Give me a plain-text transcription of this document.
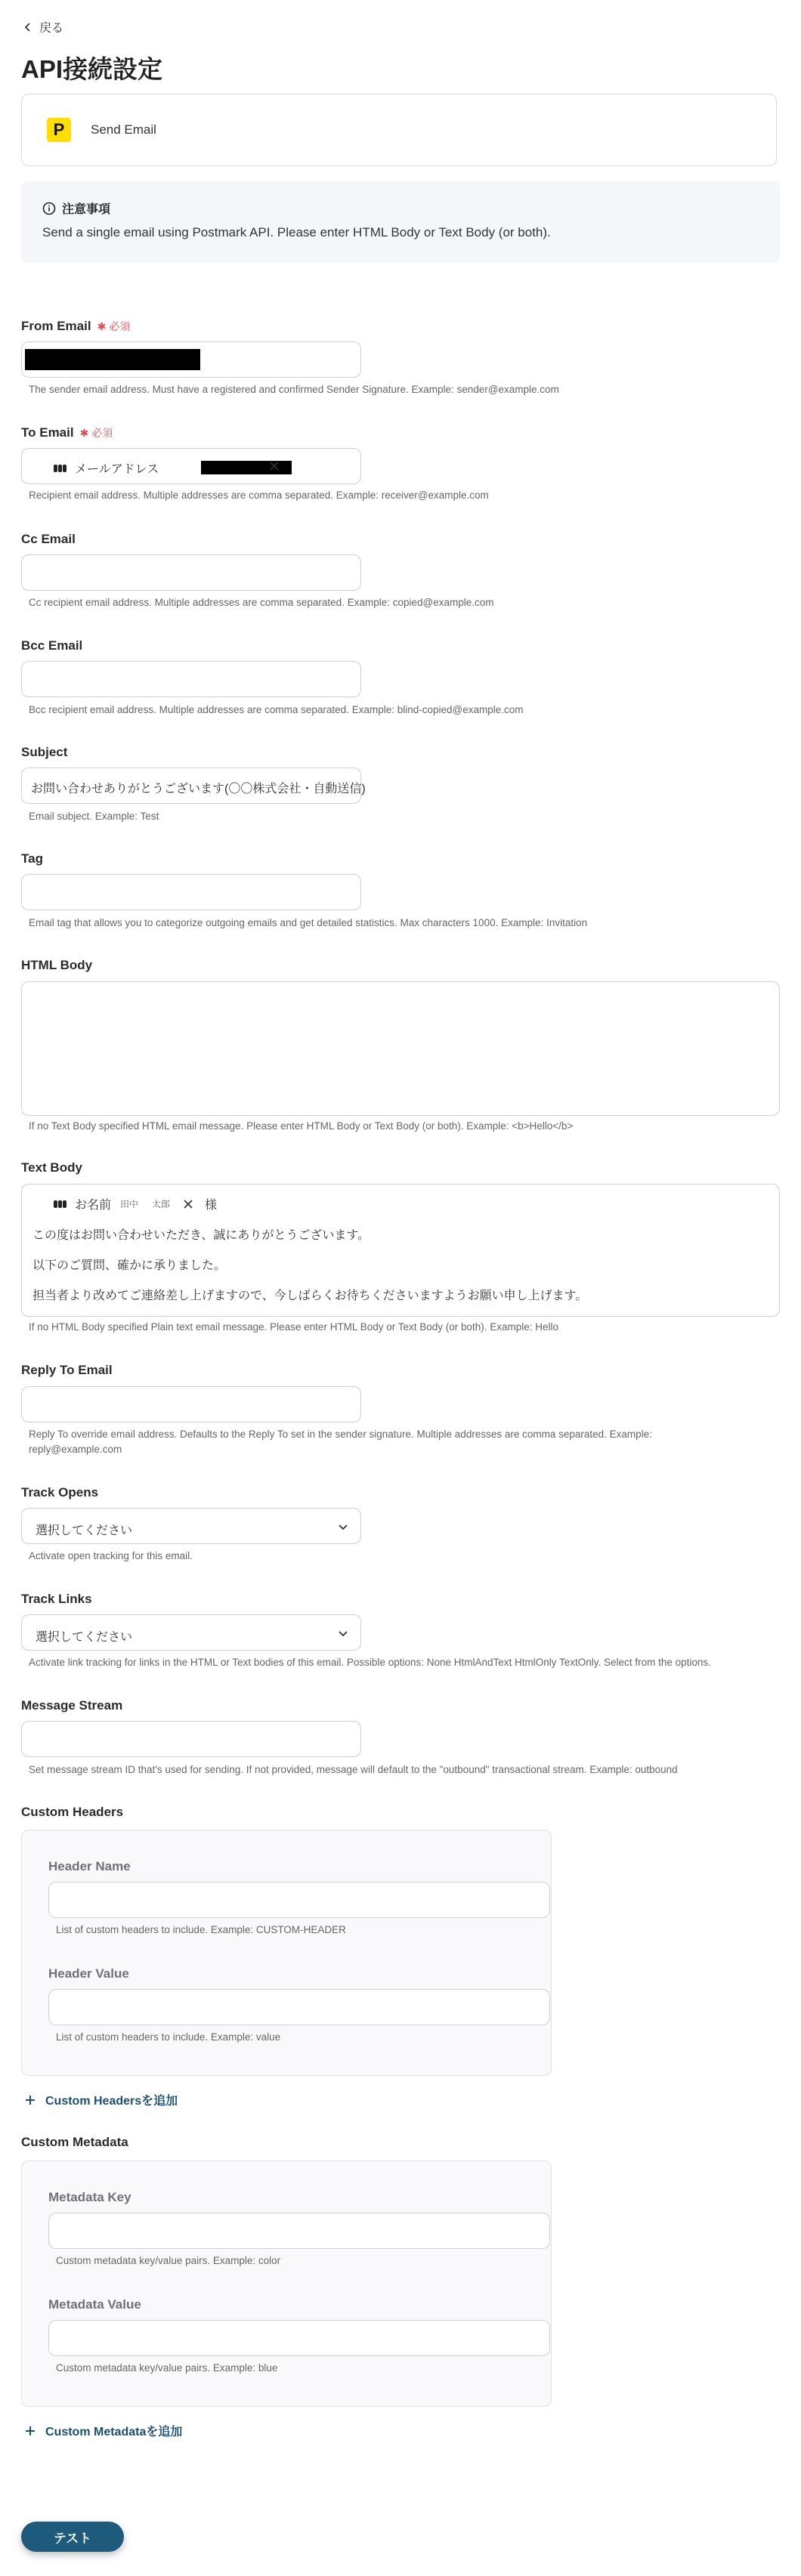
戻る
API接続設定
P	Send Email
注意事項
Send a single email using Postmark API. Please enter HTML Body or Text Body (or both).
From Email ✱ 必須
The sender email address. Must have a registered and confirmed Sender Signature. Example: sender@example.com
To Email ✱ 必須
メールアドレス
Recipient email address. Multiple addresses are comma separated. Example: receiver@example.com
Cc Email
Cc recipient email address. Multiple addresses are comma separated. Example: copied@example.com
Bcc Email
Bcc recipient email address. Multiple addresses are comma separated. Example: blind-copied@example.com
Subject
お問い合わせありがとうございます(〇〇株式会社・自動送信)
Email subject. Example: Test
Tag
Email tag that allows you to categorize outgoing emails and get detailed statistics. Max characters 1000. Example: Invitation
HTML Body
If no Text Body specified HTML email message. Please enter HTML Body or Text Body (or both). Example: <b>Hello</b>
Text Body
お名前 田中 太郎	様
この度はお問い合わせいただき、誠にありがとうございます。
以下のご質問、確かに承りました。
担当者より改めてご連絡差し上げますので、今しばらくお待ちくださいますようお願い申し上げます。
If no HTML Body specified Plain text email message. Please enter HTML Body or Text Body (or both). Example: Hello
Reply To Email
Reply To override email address. Defaults to the Reply To set in the sender signature. Multiple addresses are comma separated. Example:
reply@example.com
Track Opens
選択してください
Activate open tracking for this email.
Track Links
選択してください
Activate link tracking for links in the HTML or Text bodies of this email. Possible options: None HtmlAndText HtmlOnly TextOnly. Select from the options.
Message Stream
Set message stream ID that's used for sending. If not provided, message will default to the "outbound" transactional stream. Example: outbound
Custom Headers
Header Name
List of custom headers to include. Example: CUSTOM-HEADER
Header Value
List of custom headers to include. Example: value
Custom Headersを追加
Custom Metadata
Metadata Key
Custom metadata key/value pairs. Example: color
Metadata Value
Custom metadata key/value pairs. Example: blue
Custom Metadataを追加
テスト
